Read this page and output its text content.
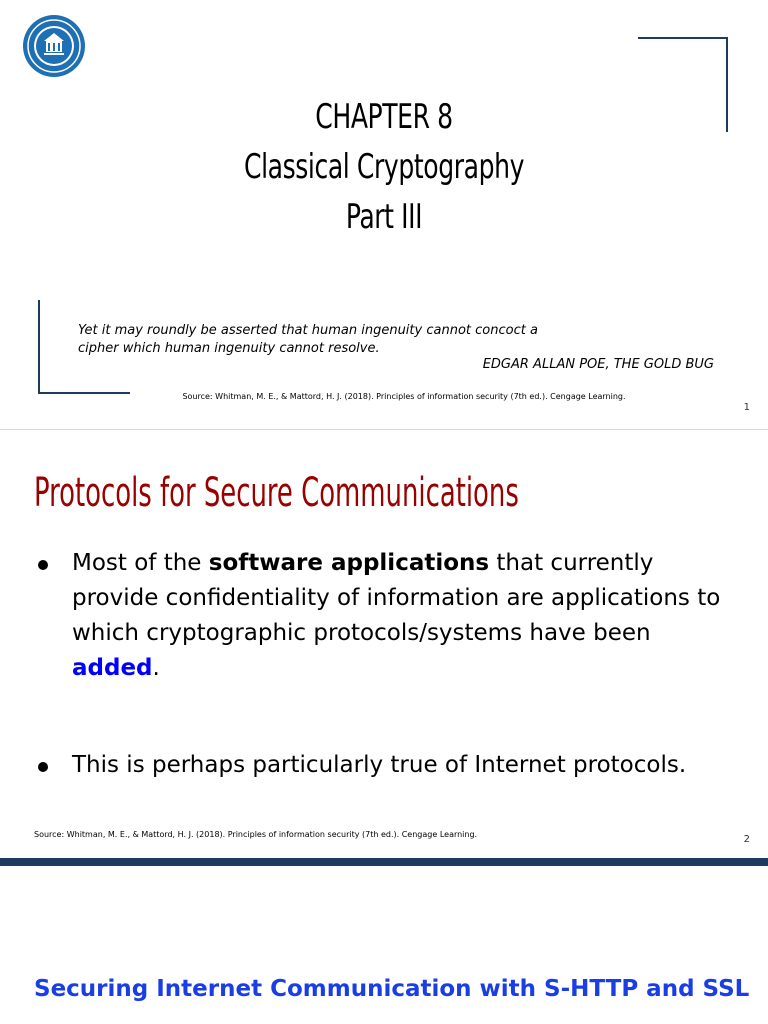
CHAPTER 8
Classical Cryptography
Part III
Yet it may roundly be asserted that human ingenuity cannot concoct a cipher which human ingenuity cannot resolve.
EDGAR ALLAN POE, THE GOLD BUG
Source: Whitman, M. E., & Mattord, H. J. (2018). Principles of information security (7th ed.). Cengage Learning.
1
Protocols for Secure Communications
Most of the software applications that currently provide confidentiality of information are applications to which cryptographic protocols/systems have been added.
This is perhaps particularly true of Internet protocols.
Source: Whitman, M. E., & Mattord, H. J. (2018). Principles of information security (7th ed.). Cengage Learning.	2
Securing Internet Communication with S-HTTP and SSL
